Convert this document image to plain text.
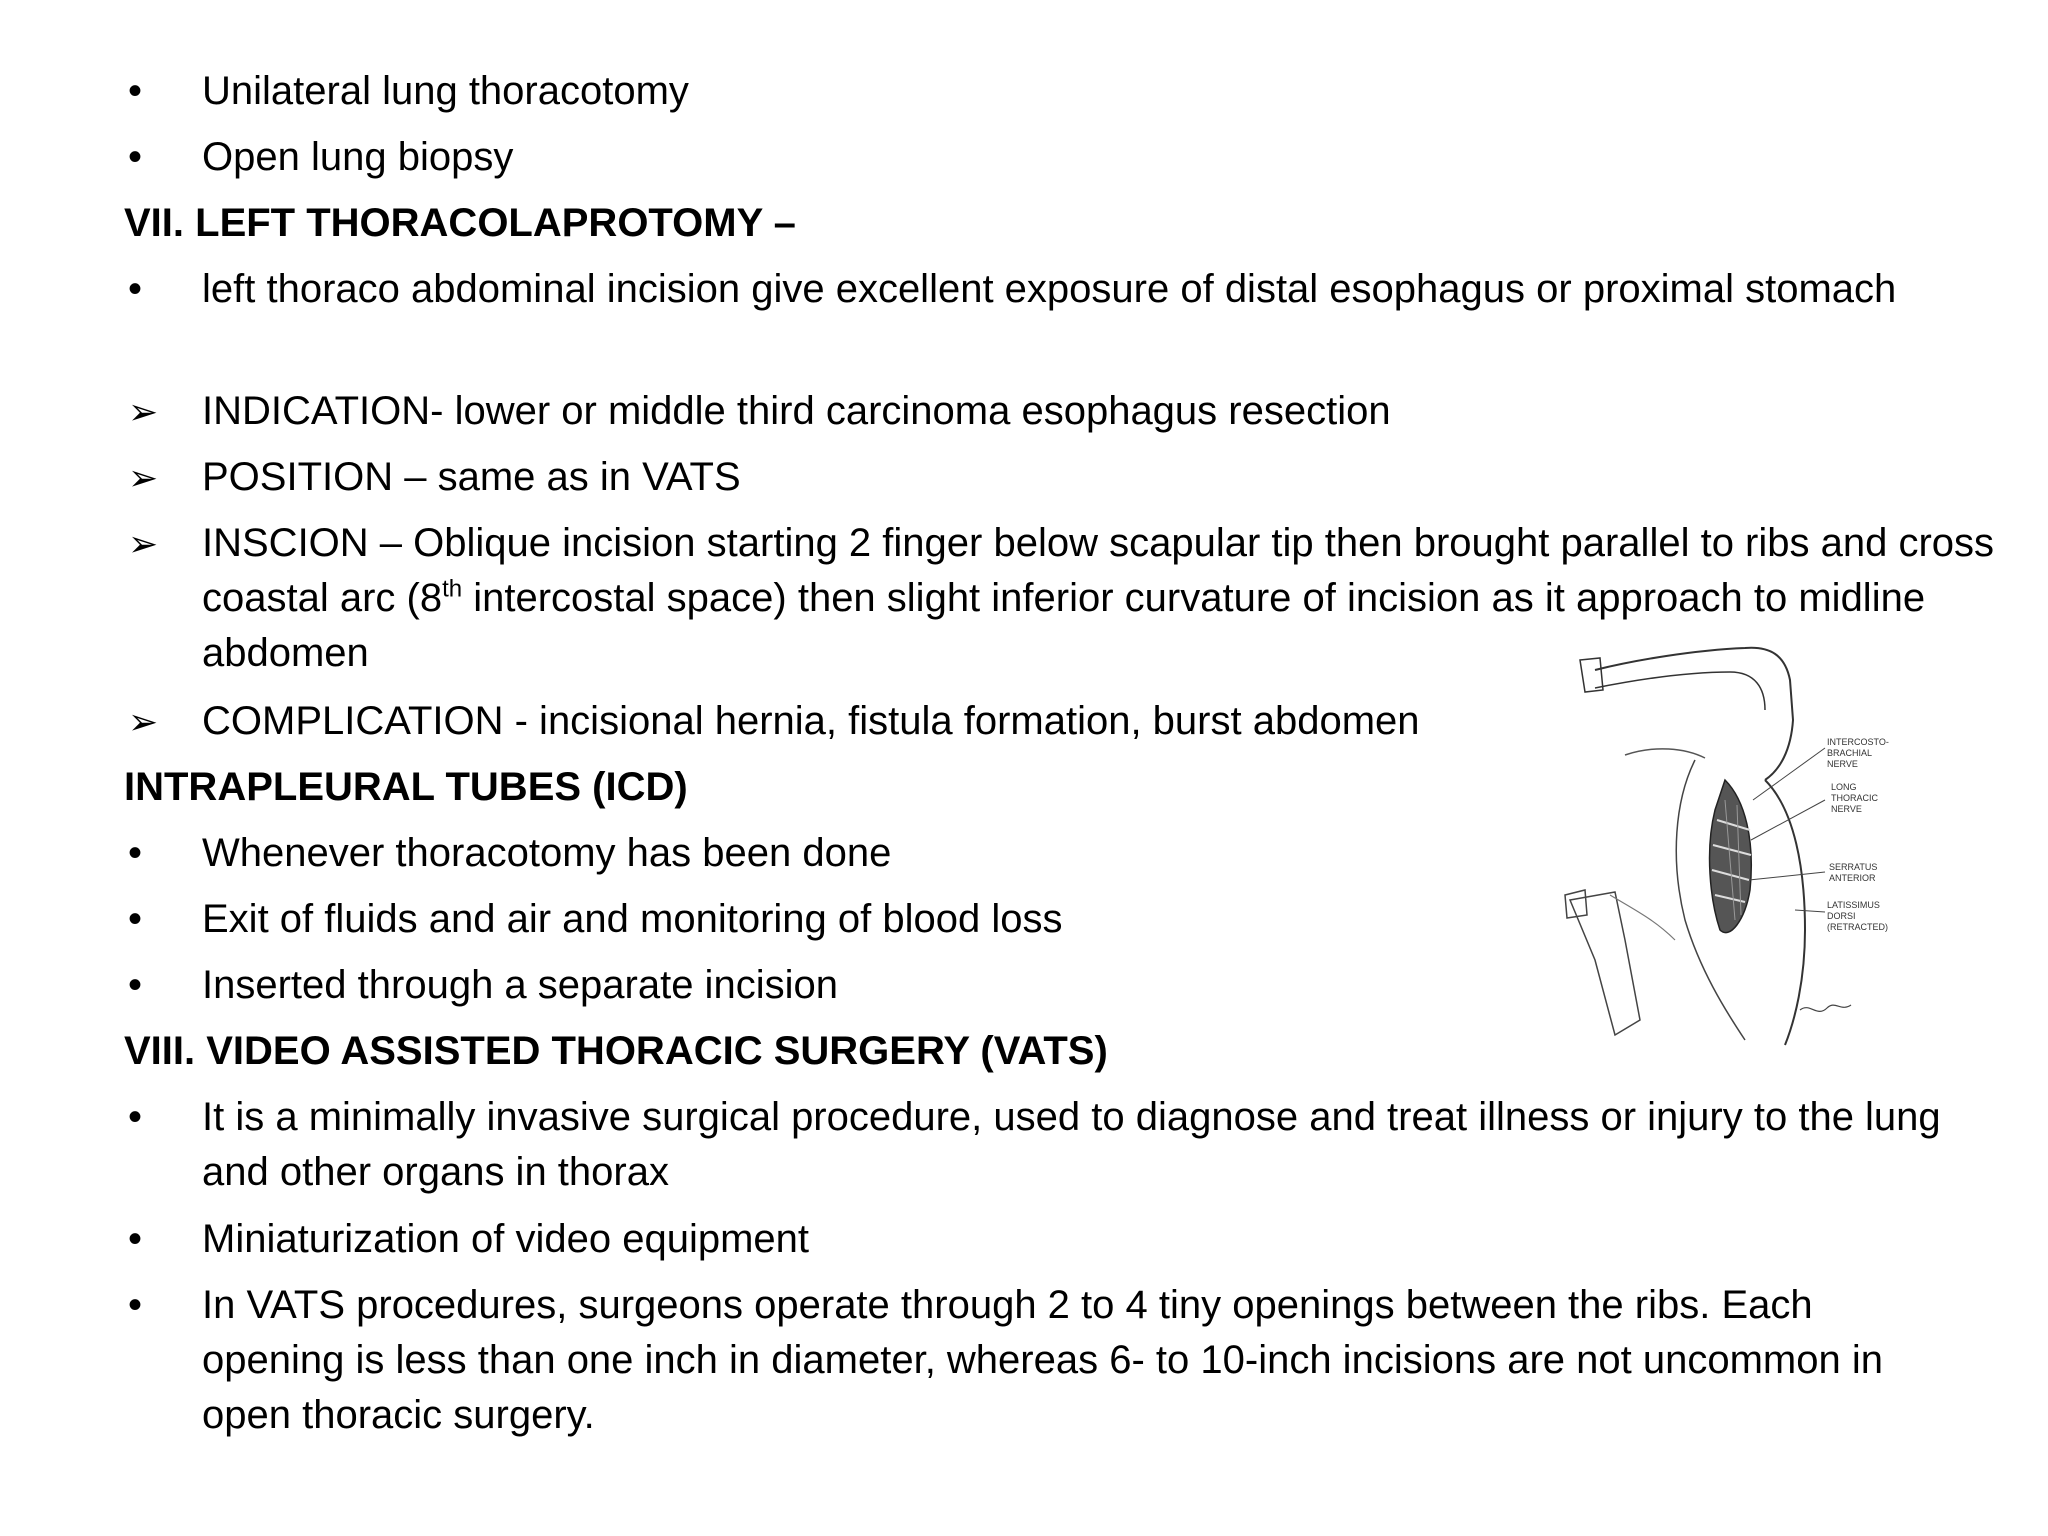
•	Unilateral lung thoracotomy
•	Open lung biopsy
VII. LEFT THORACOLAPROTOMY –
•	left thoraco abdominal incision give excellent exposure of distal esophagus or proximal stomach
➢	INDICATION- lower or middle third carcinoma esophagus resection
➢	POSITION – same as in VATS
➢	INSCION – Oblique incision starting 2 finger below scapular tip then brought parallel to ribs and cross coastal arc (8th intercostal space) then slight inferior curvature of incision as it approach to midline abdomen
➢	COMPLICATION - incisional hernia, fistula formation, burst abdomen
INTRAPLEURAL TUBES (ICD)
•	Whenever thoracotomy has been done
•	Exit of fluids and air and monitoring of blood loss
•	Inserted through a separate incision
VIII. VIDEO ASSISTED THORACIC SURGERY (VATS)
•	It is a minimally invasive surgical procedure, used to diagnose and treat illness or injury to the lung and other organs in thorax
•	Miniaturization of video equipment
•	In VATS procedures, surgeons operate through 2 to 4 tiny openings between the ribs. Each opening is less than one inch in diameter, whereas 6- to 10-inch incisions are not uncommon in open thoracic surgery.
INTERCOSTO-
BRACHIAL
NERVE
LONG
THORACIC
NERVE
SERRATUS
ANTERIOR
LATISSIMUS
DORSI
(RETRACTED)
